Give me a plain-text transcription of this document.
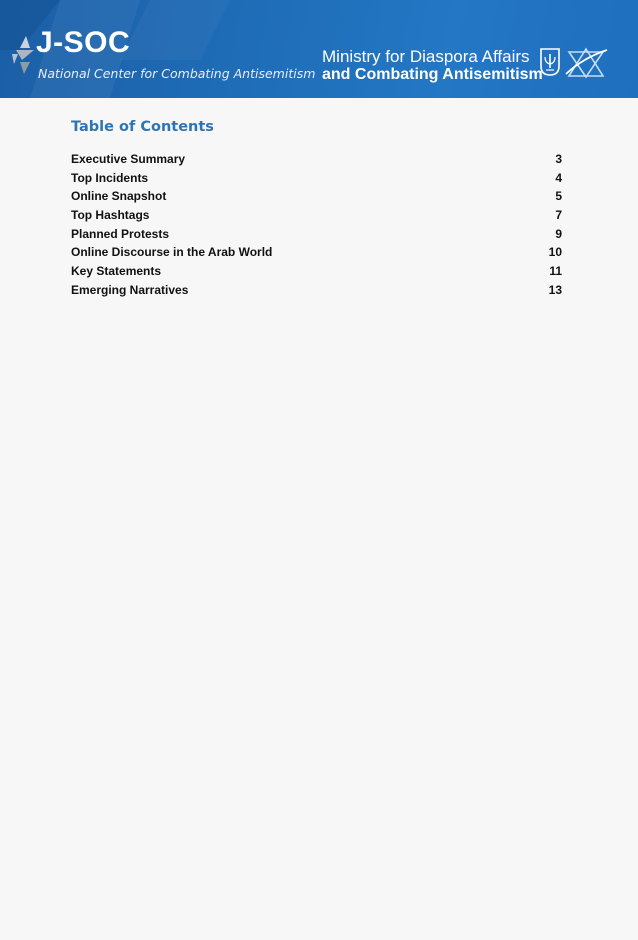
J-SOC
National Center for Combating Antisemitism
Ministry for Diaspora Affairs
and Combating Antisemitism
Table of Contents
Executive Summary	3
Top Incidents	4
Online Snapshot	5
Top Hashtags	7
Planned Protests	9
Online Discourse in the Arab World	10
Key Statements	11
Emerging Narratives	13
